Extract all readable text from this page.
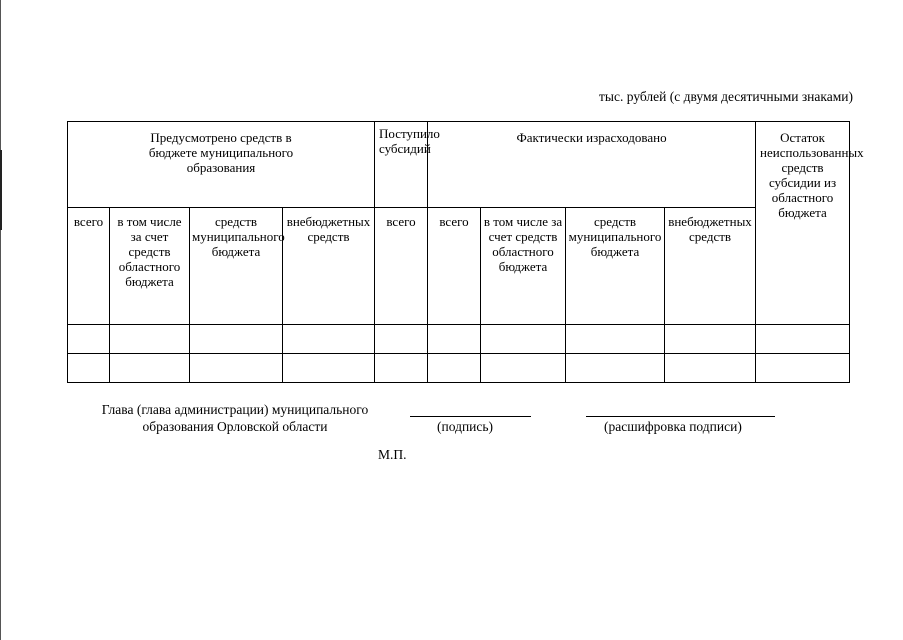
тыс. рублей (с двумя десятичными знаками)
Предусмотрено средств в бюджете муниципального образования				Поступило субсидий	Фактически израсходовано				Остаток неиспользованных средств субсидии из областного бюджета
всего	в том числе за счет средств областного бюджета	средств муниципального бюджета	внебюджетных средств	всего	всего	в том числе за счет средств областного бюджета	средств муниципального бюджета	внебюджетных средств	

Глава (глава администрации) муниципального
образования Орловской области	(подпись)	(расшифровка подписи)
М.П.
